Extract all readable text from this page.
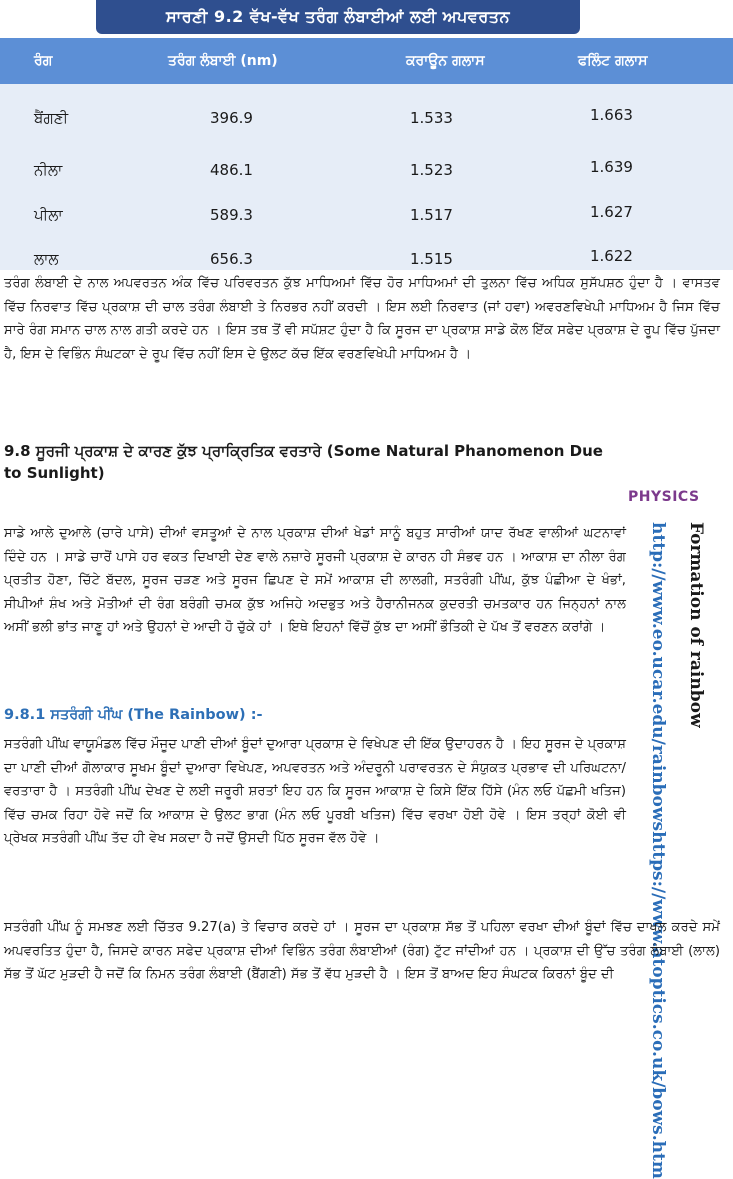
ਸਾਰਣੀ 9.2 ਵੱਖ-ਵੱਖ ਤਰੰਗ ਲੰਬਾਈਆਂ ਲਈ ਅਪਵਰਤਨ
ਰੰਗ	ਤਰੰਗ ਲੰਬਾਈ (nm)	ਕਰਾਊਨ ਗਲਾਸ	ਫਲਿੰਟ ਗਲਾਸ
ਬੈਂਗਣੀ	396.9	1.533	1.663
ਨੀਲਾ	486.1	1.523	1.639
ਪੀਲਾ	589.3	1.517	1.627
ਲਾਲ	656.3	1.515	1.622
ਤਰੰਗ ਲੰਬਾਈ ਦੇ ਨਾਲ ਅਪਵਰਤਨ ਅੰਕ ਵਿੱਚ ਪਰਿਵਰਤਨ ਕੁੱਝ ਮਾਧਿਅਮਾਂ ਵਿੱਚ ਹੋਰ ਮਾਧਿਅਮਾਂ ਦੀ ਤੁਲਨਾ ਵਿੱਚ ਅਧਿਕ ਸੁਸੱਪਸ਼ਠ ਹੁੰਦਾ ਹੈ । ਵਾਸਤਵ ਵਿੱਚ ਨਿਰਵਾਤ ਵਿੱਚ ਪ੍ਰਕਾਸ਼ ਦੀ ਚਾਲ ਤਰੰਗ ਲੰਬਾਈ ਤੇ ਨਿਰਭਰ ਨਹੀਂ ਕਰਦੀ । ਇਸ ਲਈ ਨਿਰਵਾਤ (ਜਾਂ ਹਵਾ) ਅਵਰਣਵਿਖੇਪੀ ਮਾਧਿਅਮ ਹੈ ਜਿਸ ਵਿੱਚ ਸਾਰੇ ਰੰਗ ਸਮਾਨ ਚਾਲ ਨਾਲ ਗਤੀ ਕਰਦੇ ਹਨ । ਇਸ ਤਥ ਤੋਂ ਵੀ ਸਪੱਸ਼ਟ ਹੁੰਦਾ ਹੈ ਕਿ ਸੂਰਜ ਦਾ ਪ੍ਰਕਾਸ਼ ਸਾਡੇ ਕੋਲ ਇੱਕ ਸਫੇਦ ਪ੍ਰਕਾਸ਼ ਦੇ ਰੂਪ ਵਿੱਚ ਪੁੱਜਦਾ ਹੈ, ਇਸ ਦੇ ਵਿਭਿੰਨ ਸੰਘਟਕਾ ਦੇ ਰੂਪ ਵਿੱਚ ਨਹੀਂ ਇਸ ਦੇ ਉਲਟ ਕੱਚ ਇੱਕ ਵਰਣਵਿਖੇਪੀ ਮਾਧਿਅਮ ਹੈ ।
9.8 ਸੂਰਜੀ ਪ੍ਰਕਾਸ਼ ਦੇ ਕਾਰਣ ਕੁੱਝ ਪ੍ਰਾਕ੍ਰਿਤਿਕ ਵਰਤਾਰੇ (Some Natural Phanomenon Due to Sunlight)
PHYSICS
Formation of rainbow
http://www.eo.ucar.edu/rainbowshttps://www.atoptics.co.uk/bows.htm
ਸਾਡੇ ਆਲੇ ਦੁਆਲੇ (ਚਾਰੇ ਪਾਸੇ) ਦੀਆਂ ਵਸਤੂਆਂ ਦੇ ਨਾਲ ਪ੍ਰਕਾਸ਼ ਦੀਆਂ ਖੇਡਾਂ ਸਾਨੂੰ ਬਹੁਤ ਸਾਰੀਆਂ ਯਾਦ ਰੱਖਣ ਵਾਲੀਆਂ ਘਟਨਾਵਾਂ ਦਿੰਦੇ ਹਨ । ਸਾਡੇ ਚਾਰੋਂ ਪਾਸੇ ਹਰ ਵਕਤ ਦਿਖਾਈ ਦੇਣ ਵਾਲੇ ਨਜ਼ਾਰੇ ਸੂਰਜੀ ਪ੍ਰਕਾਸ਼ ਦੇ ਕਾਰਨ ਹੀ ਸੰਭਵ ਹਨ । ਆਕਾਸ਼ ਦਾ ਨੀਲਾ ਰੰਗ ਪ੍ਰਤੀਤ ਹੋਣਾ, ਚਿੱਟੇ ਬੱਦਲ, ਸੂਰਜ ਚੜਣ ਅਤੇ ਸੂਰਜ ਛਿਪਣ ਦੇ ਸਮੇਂ ਆਕਾਸ਼ ਦੀ ਲਾਲਗੀ, ਸਤਰੰਗੀ ਪੀਂਘ, ਕੁੱਝ ਪੰਛੀਆ ਦੇ ਖੰਭਾਂ, ਸੀਪੀਆਂ ਸ਼ੰਖ ਅਤੇ ਮੋਤੀਆਂ ਦੀ ਰੰਗ ਬਰੰਗੀ ਚਮਕ ਕੁੱਝ ਅਜਿਹੇ ਅਦਭੁਤ ਅਤੇ ਹੈਰਾਨੀਜਨਕ ਕੁਦਰਤੀ ਚਮਤਕਾਰ ਹਨ ਜਿਨ੍ਹਨਾਂ ਨਾਲ ਅਸੀਂ ਭਲੀ ਭਾਂਤ ਜਾਣੂ ਹਾਂ ਅਤੇ ਉਹਨਾਂ ਦੇ ਆਦੀ ਹੋ ਚੁੱਕੇ ਹਾਂ । ਇਥੇ ਇਹਨਾਂ ਵਿੱਚੋਂ ਕੁੱਝ ਦਾ ਅਸੀਂ ਭੌਤਿਕੀ ਦੇ ਪੱਖ ਤੋਂ ਵਰਣਨ ਕਰਾਂਗੇ ।
9.8.1 ਸਤਰੰਗੀ ਪੀਂਘ (The Rainbow) :-
ਸਤਰੰਗੀ ਪੀਂਘ ਵਾਯੂਮੰਡਲ ਵਿੱਚ ਮੌਜੂਦ ਪਾਣੀ ਦੀਆਂ ਬੂੰਦਾਂ ਦੁਆਰਾ ਪ੍ਰਕਾਸ਼ ਦੇ ਵਿਖੇਪਣ ਦੀ ਇੱਕ ਉਦਾਹਰਨ ਹੈ । ਇਹ ਸੂਰਜ ਦੇ ਪ੍ਰਕਾਸ਼ ਦਾ ਪਾਣੀ ਦੀਆਂ ਗੋਲਾਕਾਰ ਸੂਖਮ ਬੂੰਦਾਂ ਦੁਆਰਾ ਵਿਖੇਪਣ, ਅਪਵਰਤਨ ਅਤੇ ਅੰਦਰੂਨੀ ਪਰਾਵਰਤਨ ਦੇ ਸੰਯੁਕਤ ਪ੍ਰਭਾਵ ਦੀ ਪਰਿਘਟਨਾ/ਵਰਤਾਰਾ ਹੈ । ਸਤਰੰਗੀ ਪੀਂਘ ਦੇਖਣ ਦੇ ਲਈ ਜਰੂਰੀ ਸ਼ਰਤਾਂ ਇਹ ਹਨ ਕਿ ਸੂਰਜ ਆਕਾਸ਼ ਦੇ ਕਿਸੇ ਇੱਕ ਹਿੱਸੇ (ਮੰਨ ਲਓ ਪੱਛਮੀ ਖਤਿਜ) ਵਿੱਚ ਚਮਕ ਰਿਹਾ ਹੋਵੇ ਜਦੋਂ ਕਿ ਆਕਾਸ਼ ਦੇ ਉਲਟ ਭਾਗ (ਮੰਨ ਲਓ ਪੂਰਬੀ ਖਤਿਜ) ਵਿੱਚ ਵਰਖਾ ਹੋਈ ਹੋਵੇ । ਇਸ ਤਰ੍ਹਾਂ ਕੋਈ ਵੀ ਪ੍ਰੇਖਕ ਸਤਰੰਗੀ ਪੀਂਘ ਤੱਦ ਹੀ ਵੇਖ ਸਕਦਾ ਹੈ ਜਦੋਂ ਉਸਦੀ ਪਿੱਠ ਸੂਰਜ ਵੱਲ ਹੋਵੇ ।
ਸਤਰੰਗੀ ਪੀਂਘ ਨੂੰ ਸਮਝਣ ਲਈ ਚਿੱਤਰ 9.27(a) ਤੇ ਵਿਚਾਰ ਕਰਦੇ ਹਾਂ । ਸੂਰਜ ਦਾ ਪ੍ਰਕਾਸ਼ ਸੱਭ ਤੋਂ ਪਹਿਲਾ ਵਰਖਾ ਦੀਆਂ ਬੂੰਦਾਂ ਵਿੱਚ ਦਾਖਲ ਕਰਦੇ ਸਮੇਂ ਅਪਵਰਤਿਤ ਹੁੰਦਾ ਹੈ, ਜਿਸਦੇ ਕਾਰਨ ਸਫੇਦ ਪ੍ਰਕਾਸ਼ ਦੀਆਂ ਵਿਭਿੰਨ ਤਰੰਗ ਲੰਬਾਈਆਂ (ਰੰਗ) ਟੁੱਟ ਜਾਂਦੀਆਂ ਹਨ । ਪ੍ਰਕਾਸ਼ ਦੀ ਉੱਚ ਤਰੰਗ ਲੰਬਾਈ (ਲਾਲ) ਸੱਭ ਤੋਂ ਘੱਟ ਮੁੜਦੀ ਹੈ ਜਦੋਂ ਕਿ ਨਿਮਨ ਤਰੰਗ ਲੰਬਾਈ (ਬੈਂਗਣੀ) ਸੱਭ ਤੋਂ ਵੱਧ ਮੁੜਦੀ ਹੈ । ਇਸ ਤੋਂ ਬਾਅਦ ਇਹ ਸੰਘਟਕ ਕਿਰਨਾਂ ਬੂੰਦ ਦੀ
